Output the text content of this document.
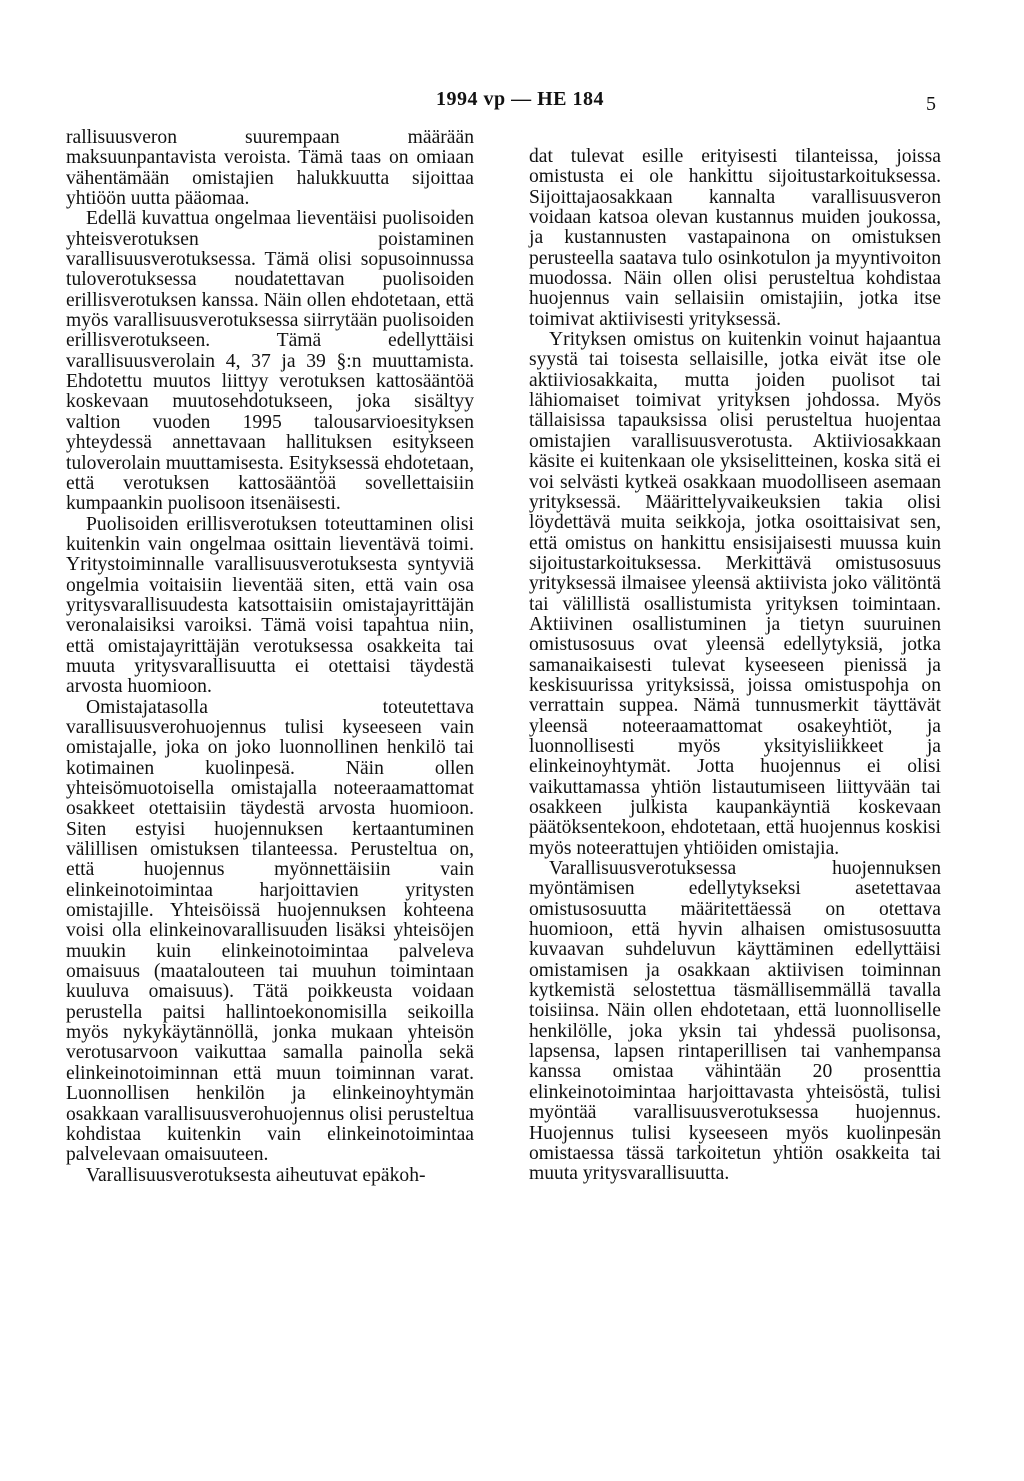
1994 vp — HE 184	5

rallisuusveron suurempaan määrään maksuunpantavista veroista. Tämä taas on omiaan vähentämään omistajien halukkuutta sijoittaa yhtiöön uutta pääomaa.

Edellä kuvattua ongelmaa lieventäisi puolisoiden yhteisverotuksen poistaminen varallisuusverotuksessa. Tämä olisi sopusoinnussa tuloverotuksessa noudatettavan puolisoiden erillisverotuksen kanssa. Näin ollen ehdotetaan, että myös varallisuusverotuksessa siirrytään puolisoiden erillisverotukseen. Tämä edellyttäisi varallisuusverolain 4, 37 ja 39 §:n muuttamista. Ehdotettu muutos liittyy verotuksen kattosääntöä koskevaan muutosehdotukseen, joka sisältyy valtion vuoden 1995 talousarvioesityksen yhteydessä annettavaan hallituksen esitykseen tuloverolain muuttamisesta. Esityksessä ehdotetaan, että verotuksen kattosääntöä sovellettaisiin kumpaankin puolisoon itsenäisesti.

Puolisoiden erillisverotuksen toteuttaminen olisi kuitenkin vain ongelmaa osittain lieventävä toimi. Yritystoiminnalle varallisuusverotuksesta syntyviä ongelmia voitaisiin lieventää siten, että vain osa yritysvarallisuudesta katsottaisiin omistajayrittäjän veronalaisiksi varoiksi. Tämä voisi tapahtua niin, että omistajayrittäjän verotuksessa osakkeita tai muuta yritysvarallisuutta ei otettaisi täydestä arvosta huomioon.

Omistajatasolla toteutettava varallisuusverohuojennus tulisi kyseeseen vain omistajalle, joka on joko luonnollinen henkilö tai kotimainen kuolinpesä. Näin ollen yhteisömuotoisella omistajalla noteeraamattomat osakkeet otettaisiin täydestä arvosta huomioon. Siten estyisi huojennuksen kertaantuminen välillisen omistuksen tilanteessa. Perusteltua on, että huojennus myönnettäisiin vain elinkeinotoimintaa harjoittavien yritysten omistajille. Yhteisöissä huojennuksen kohteena voisi olla elinkeinovarallisuuden lisäksi yhteisöjen muukin kuin elinkeinotoimintaa palveleva omaisuus (maatalouteen tai muuhun toimintaan kuuluva omaisuus). Tätä poikkeusta voidaan perustella paitsi hallintoekonomisilla seikoilla myös nykykäytännöllä, jonka mukaan yhteisön verotusarvoon vaikuttaa samalla painolla sekä elinkeinotoiminnan että muun toiminnan varat. Luonnollisen henkilön ja elinkeinoyhtymän osakkaan varallisuusverohuojennus olisi perusteltua kohdistaa kuitenkin vain elinkeinotoimintaa palvelevaan omaisuuteen.

Varallisuusverotuksesta aiheutuvat epäkoh-

dat tulevat esille erityisesti tilanteissa, joissa omistusta ei ole hankittu sijoitustarkoituksessa. Sijoittajaosakkaan kannalta varallisuusveron voidaan katsoa olevan kustannus muiden joukossa, ja kustannusten vastapainona on omistuksen perusteella saatava tulo osinkotulon ja myyntivoiton muodossa. Näin ollen olisi perusteltua kohdistaa huojennus vain sellaisiin omistajiin, jotka itse toimivat aktiivisesti yrityksessä.

Yrityksen omistus on kuitenkin voinut hajaantua syystä tai toisesta sellaisille, jotka eivät itse ole aktiiviosakkaita, mutta joiden puolisot tai lähiomaiset toimivat yrityksen johdossa. Myös tällaisissa tapauksissa olisi perusteltua huojentaa omistajien varallisuusverotusta. Aktiiviosakkaan käsite ei kuitenkaan ole yksiselitteinen, koska sitä ei voi selvästi kytkeä osakkaan muodolliseen asemaan yrityksessä. Määrittelyvaikeuksien takia olisi löydettävä muita seikkoja, jotka osoittaisivat sen, että omistus on hankittu ensisijaisesti muussa kuin sijoitustarkoituksessa. Merkittävä omistusosuus yrityksessä ilmaisee yleensä aktiivista joko välitöntä tai välillistä osallistumista yrityksen toimintaan. Aktiivinen osallistuminen ja tietyn suuruinen omistusosuus ovat yleensä edellytyksiä, jotka samanaikaisesti tulevat kyseeseen pienissä ja keskisuurissa yrityksissä, joissa omistuspohja on verrattain suppea. Nämä tunnusmerkit täyttävät yleensä noteeraamattomat osakeyhtiöt, ja luonnollisesti myös yksityisliikkeet ja elinkeinoyhtymät. Jotta huojennus ei olisi vaikuttamassa yhtiön listautumiseen liittyvään tai osakkeen julkista kaupankäyntiä koskevaan päätöksentekoon, ehdotetaan, että huojennus koskisi myös noteerattujen yhtiöiden omistajia.

Varallisuusverotuksessa huojennuksen myöntämisen edellytykseksi asetettavaa omistusosuutta määritettäessä on otettava huomioon, että hyvin alhaisen omistusosuutta kuvaavan suhdeluvun käyttäminen edellyttäisi omistamisen ja osakkaan aktiivisen toiminnan kytkemistä selostettua täsmällisemmällä tavalla toisiinsa. Näin ollen ehdotetaan, että luonnolliselle henkilölle, joka yksin tai yhdessä puolisonsa, lapsensa, lapsen rintaperillisen tai vanhempansa kanssa omistaa vähintään 20 prosenttia elinkeinotoimintaa harjoittavasta yhteisöstä, tulisi myöntää varallisuusverotuksessa huojennus. Huojennus tulisi kyseeseen myös kuolinpesän omistaessa tässä tarkoitetun yhtiön osakkeita tai muuta yritysvarallisuutta.
